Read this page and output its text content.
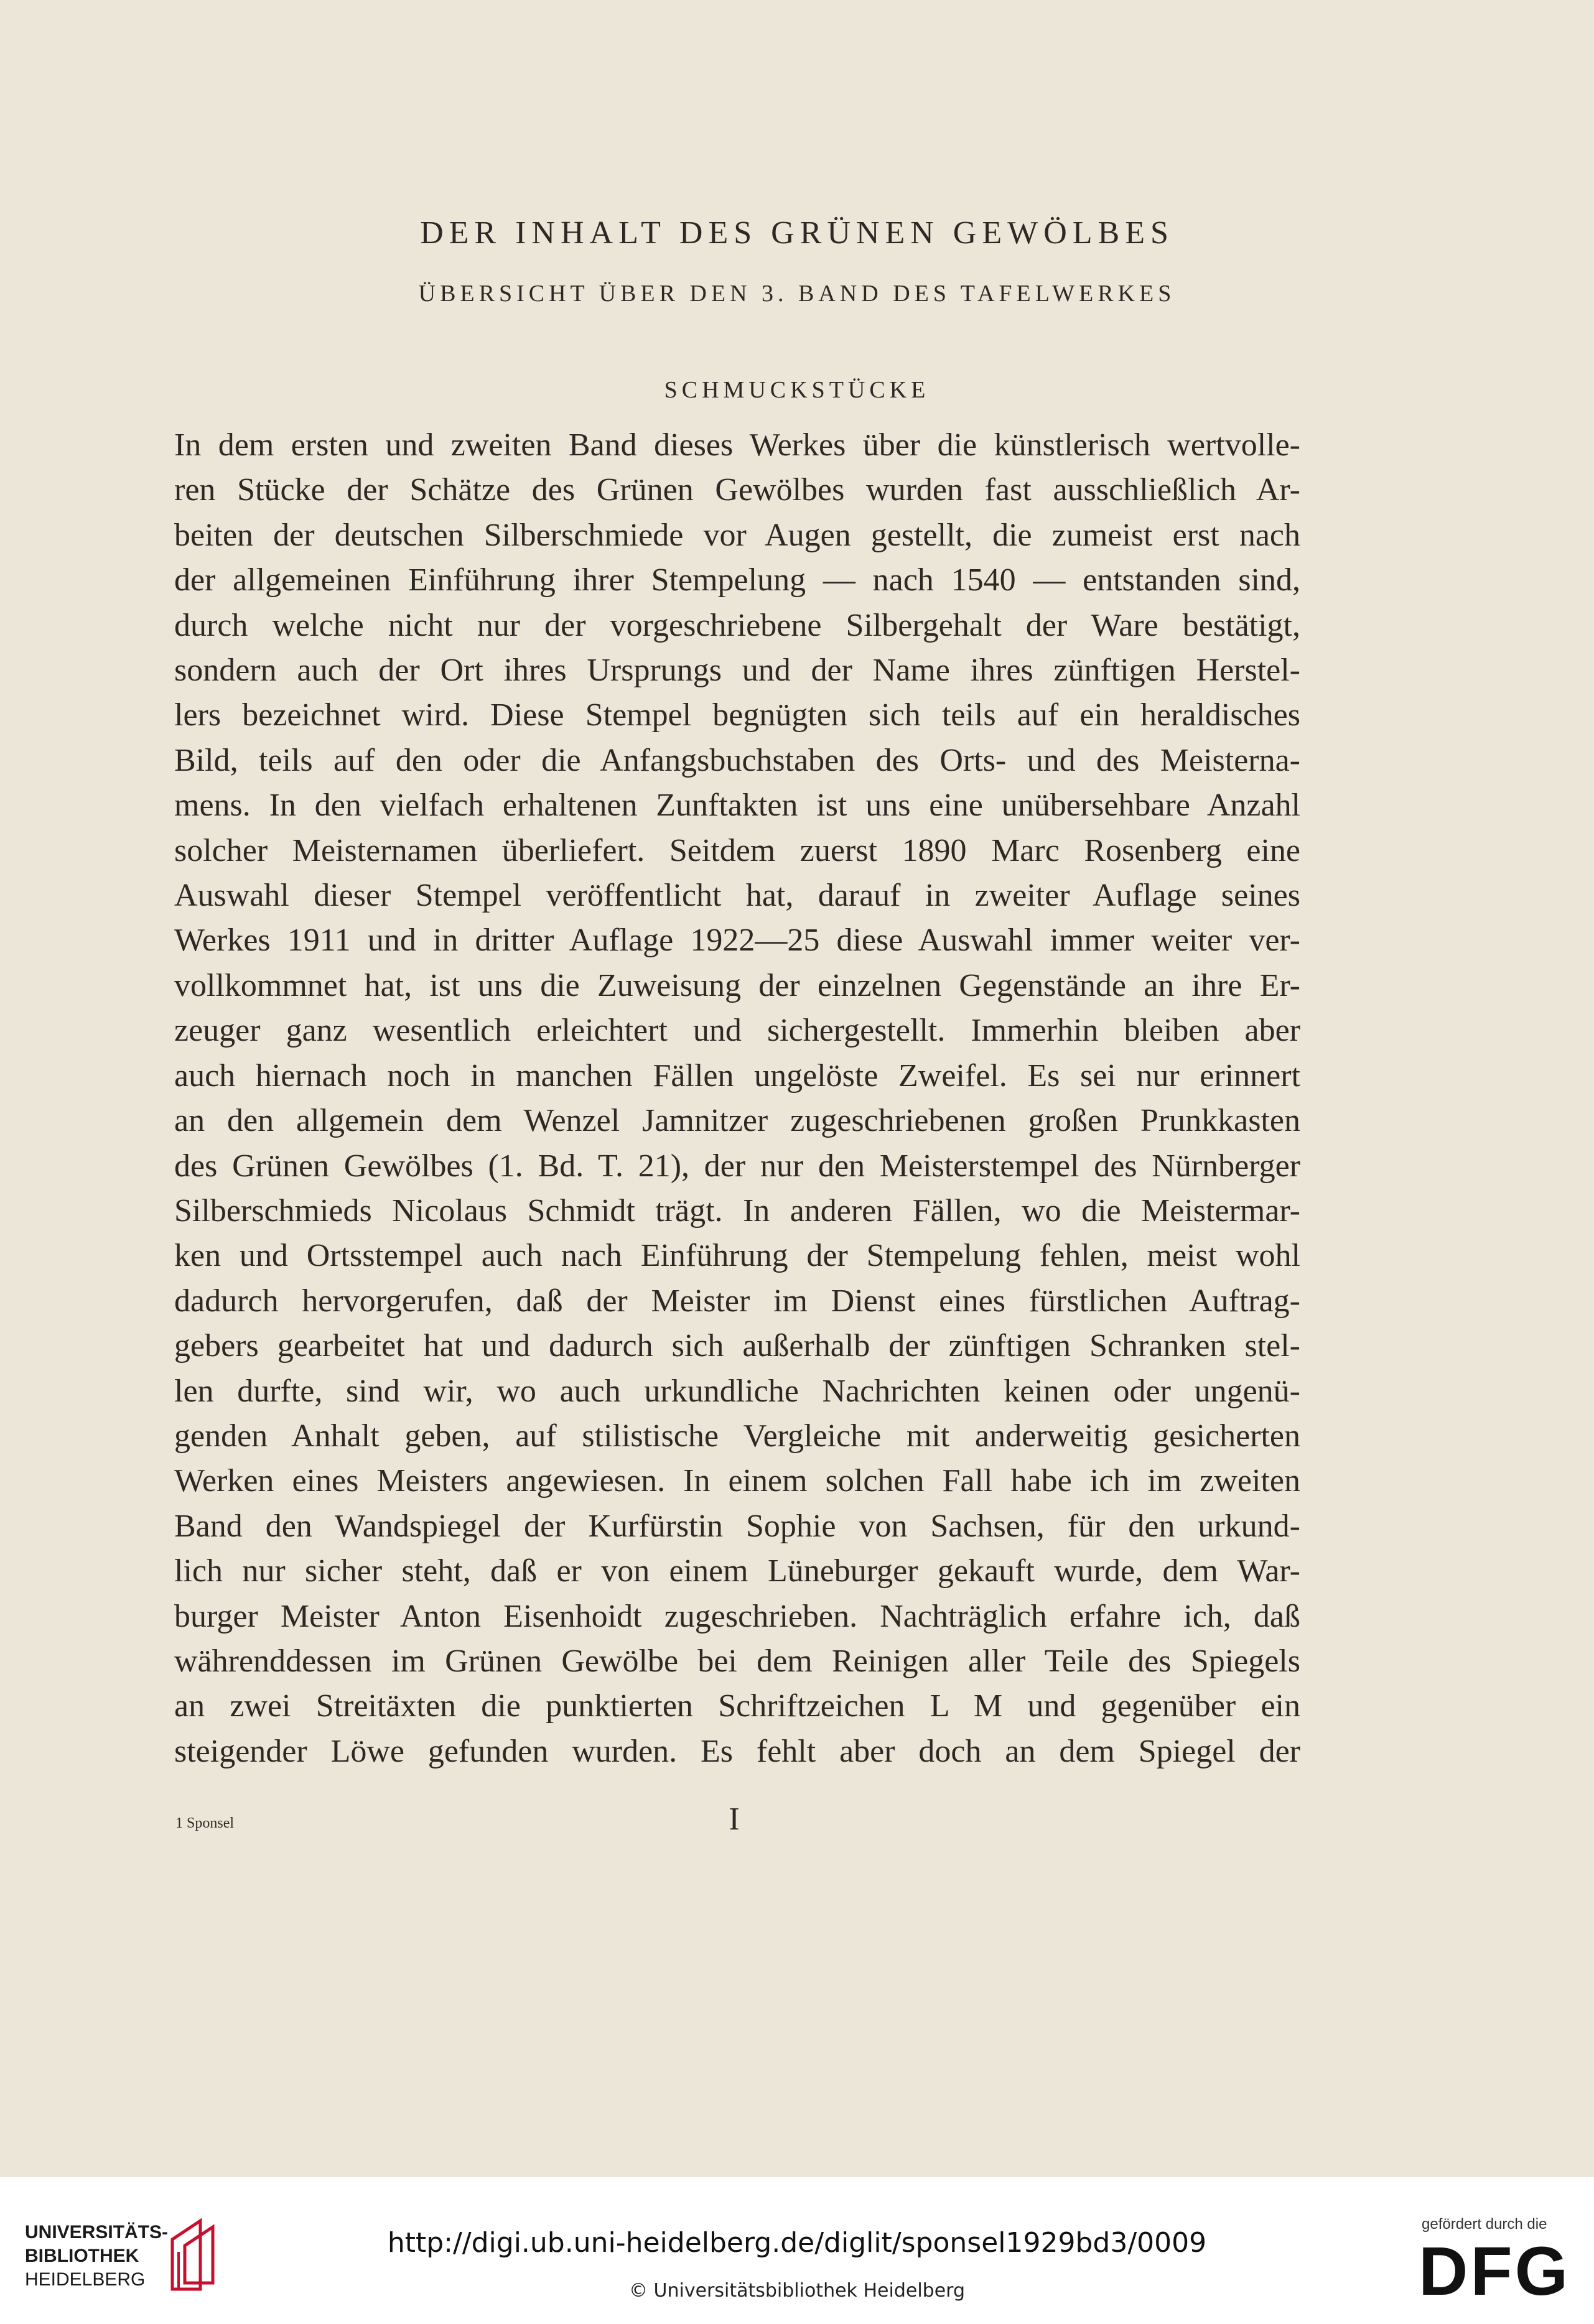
DER INHALT DES GRÜNEN GEWÖLBES
ÜBERSICHT ÜBER DEN 3. BAND DES TAFELWERKES
SCHMUCKSTÜCKE
In dem ersten und zweiten Band dieses Werkes über die künstlerisch wertvolle-
ren Stücke der Schätze des Grünen Gewölbes wurden fast ausschließlich Ar-
beiten der deutschen Silberschmiede vor Augen gestellt, die zumeist erst nach
der allgemeinen Einführung ihrer Stempelung — nach 1540 — entstanden sind,
durch welche nicht nur der vorgeschriebene Silbergehalt der Ware bestätigt,
sondern auch der Ort ihres Ursprungs und der Name ihres zünftigen Herstel-
lers bezeichnet wird. Diese Stempel begnügten sich teils auf ein heraldisches
Bild, teils auf den oder die Anfangsbuchstaben des Orts- und des Meisterna-
mens. In den vielfach erhaltenen Zunftakten ist uns eine unübersehbare Anzahl
solcher Meisternamen überliefert. Seitdem zuerst 1890 Marc Rosenberg eine
Auswahl dieser Stempel veröffentlicht hat, darauf in zweiter Auflage seines
Werkes 1911 und in dritter Auflage 1922—25 diese Auswahl immer weiter ver-
vollkommnet hat, ist uns die Zuweisung der einzelnen Gegenstände an ihre Er-
zeuger ganz wesentlich erleichtert und sichergestellt. Immerhin bleiben aber
auch hiernach noch in manchen Fällen ungelöste Zweifel. Es sei nur erinnert
an den allgemein dem Wenzel Jamnitzer zugeschriebenen großen Prunkkasten
des Grünen Gewölbes (1. Bd. T. 21), der nur den Meisterstempel des Nürnberger
Silberschmieds Nicolaus Schmidt trägt. In anderen Fällen, wo die Meistermar-
ken und Ortsstempel auch nach Einführung der Stempelung fehlen, meist wohl
dadurch hervorgerufen, daß der Meister im Dienst eines fürstlichen Auftrag-
gebers gearbeitet hat und dadurch sich außerhalb der zünftigen Schranken stel-
len durfte, sind wir, wo auch urkundliche Nachrichten keinen oder ungenü-
genden Anhalt geben, auf stilistische Vergleiche mit anderweitig gesicherten
Werken eines Meisters angewiesen. In einem solchen Fall habe ich im zweiten
Band den Wandspiegel der Kurfürstin Sophie von Sachsen, für den urkund-
lich nur sicher steht, daß er von einem Lüneburger gekauft wurde, dem War-
burger Meister Anton Eisenhoidt zugeschrieben. Nachträglich erfahre ich, daß
währenddessen im Grünen Gewölbe bei dem Reinigen aller Teile des Spiegels
an zwei Streitäxten die punktierten Schriftzeichen L M und gegenüber ein
steigender Löwe gefunden wurden. Es fehlt aber doch an dem Spiegel der
1 Sponsel	I
UNIVERSITÄTS-
BIBLIOTHEK
HEIDELBERG
http://digi.ub.uni-heidelberg.de/diglit/sponsel1929bd3/0009
© Universitätsbibliothek Heidelberg
gefördert durch die
DFG
